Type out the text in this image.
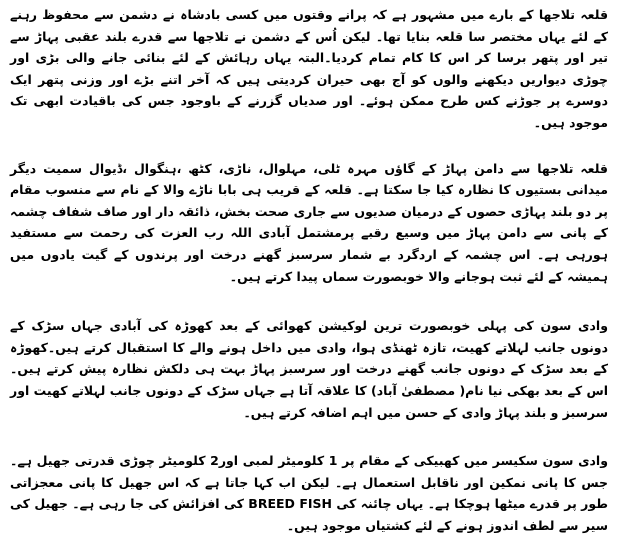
قلعہ تلاجھا کے بارے میں مشہور ہے کہ پرانے وقتوں میں کسی بادشاہ نے دشمن سے محفوظ رہنے کے لئے یہاں مختصر سا قلعہ بنایا تھا۔ لیکن اُس کے دشمن نے تلاجھا سے قدرے بلند عقبی پہاڑ سے تیر اور پتھر برسا کر اس کا کام تمام کردیا۔البتہ یہاں رہائش کے لئے بنائی جانے والی بڑی اور چوڑی دیواریں دیکھنے والوں کو آج بھی حیران کردیتی ہیں کہ آخر اتنے بڑے اور وزنی پتھر ایک دوسرے پر جوڑنے کس طرح ممکن ہوئے۔ اور صدیاں گزرنے کے باوجود جس کی باقیادت ابھی تک موجود ہیں۔

قلعہ تلاجھا سے دامن پہاڑ کے گاؤں مہرہ ٹلی، مہلوال، ناڑی، کٹھ ،ہنگوال ،ڈیوال سمیت دیگر میدانی بستیوں کا نظارہ کیا جا سکتا ہے۔ قلعہ کے قریب ہی بابا ناڑے والا کے نام سے منسوب مقام پر دو بلند پہاڑی حصوں کے درمیان صدیوں سے جاری صحت بخش، ذائقہ دار اور صاف شفاف چشمہ کے پانی سے دامن پہاڑ میں وسیع رقبے پرمشتمل آبادی اللہ رب العزت کی رحمت سے مستفید ہورہی ہے۔ اس چشمہ کے اردگرد بے شمار سرسبز گھنے درخت اور پرندوں کے گیت یادوں میں ہمیشہ کے لئے ثبت ہوجانے والا خوبصورت سماں پیدا کرتے ہیں۔

وادی سون کی پہلی خوبصورت ترین لوکیشن کھوائی کے بعد کھوڑہ کی آبادی جہاں سڑک کے دونوں جانب لہلاتے کھیت، تازہ ٹھنڈی ہوا، وادی میں داخل ہونے والے کا استقبال کرتے ہیں۔کھوڑہ کے بعد سڑک کے دونوں جانب گھنے درخت اور سرسبز پہاڑ بہت ہی دلکش نظارہ پیش کرتے ہیں۔اس کے بعد بھکی نیا نام( مصطفیٰ آباد) کا علاقہ آتا ہے جہاں سڑک کے دونوں جانب لہلاتے کھیت اور سرسبز و بلند پہاڑ وادی کے حسن میں اہم اضافہ کرتے ہیں۔

وادی سون سکیسر میں کھبیکی کے مقام پر 1 کلومیٹر لمبی اور2 کلومیٹر چوڑی قدرتی جھیل ہے۔جس کا پانی نمکین اور ناقابل استعمال ہے۔ لیکن اب کہا جاتا ہے کہ اس جھیل کا پانی معجزاتی طور پر قدرے میٹھا ہوچکا ہے۔ یہاں چائنہ کی BREED FISH کی افزائش کی جا رہی ہے۔ جھیل کی سیر سے لطف اندوز ہونے کے لئے کشتیاں موجود ہیں۔
